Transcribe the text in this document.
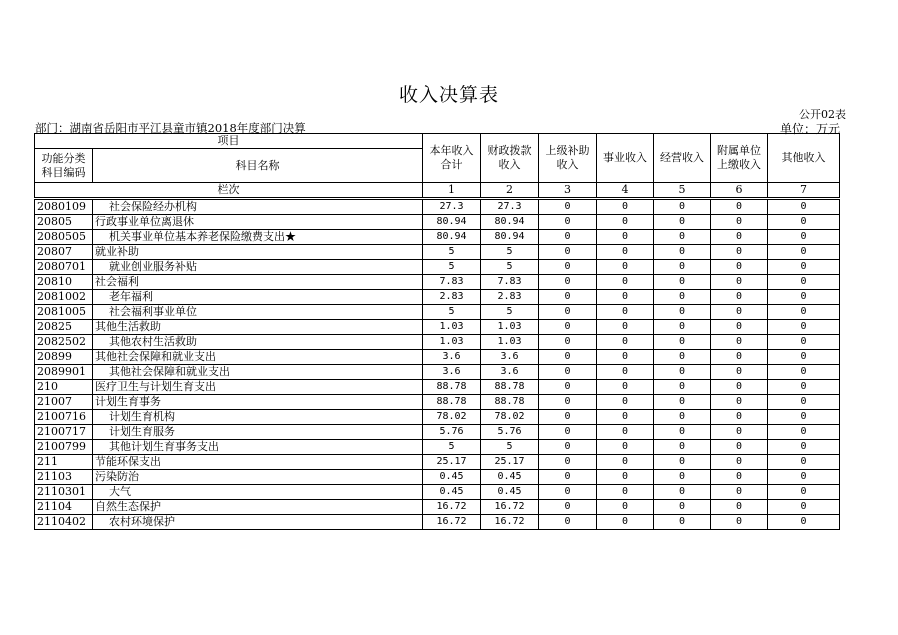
收入决算表
公开02表
部门：湖南省岳阳市平江县童市镇2018年度部门决算	单位：万元
项目		本年收入合计	财政拨款收入	上级补助收入	事业收入	经营收入	附属单位上缴收入	其他收入
功能分类科目编码	科目名称							
栏次		1	2	3	4	5	6	7
2080109	社会保险经办机构	27.3	27.3	0	0	0	0	0
20805	行政事业单位离退休	80.94	80.94	0	0	0	0	0
2080505	机关事业单位基本养老保险缴费支出★	80.94	80.94	0	0	0	0	0
20807	就业补助	5	5	0	0	0	0	0
2080701	就业创业服务补贴	5	5	0	0	0	0	0
20810	社会福利	7.83	7.83	0	0	0	0	0
2081002	老年福利	2.83	2.83	0	0	0	0	0
2081005	社会福利事业单位	5	5	0	0	0	0	0
20825	其他生活救助	1.03	1.03	0	0	0	0	0
2082502	其他农村生活救助	1.03	1.03	0	0	0	0	0
20899	其他社会保障和就业支出	3.6	3.6	0	0	0	0	0
2089901	其他社会保障和就业支出	3.6	3.6	0	0	0	0	0
210	医疗卫生与计划生育支出	88.78	88.78	0	0	0	0	0
21007	计划生育事务	88.78	88.78	0	0	0	0	0
2100716	计划生育机构	78.02	78.02	0	0	0	0	0
2100717	计划生育服务	5.76	5.76	0	0	0	0	0
2100799	其他计划生育事务支出	5	5	0	0	0	0	0
211	节能环保支出	25.17	25.17	0	0	0	0	0
21103	污染防治	0.45	0.45	0	0	0	0	0
2110301	大气	0.45	0.45	0	0	0	0	0
21104	自然生态保护	16.72	16.72	0	0	0	0	0
2110402	农村环境保护	16.72	16.72	0	0	0	0	0
